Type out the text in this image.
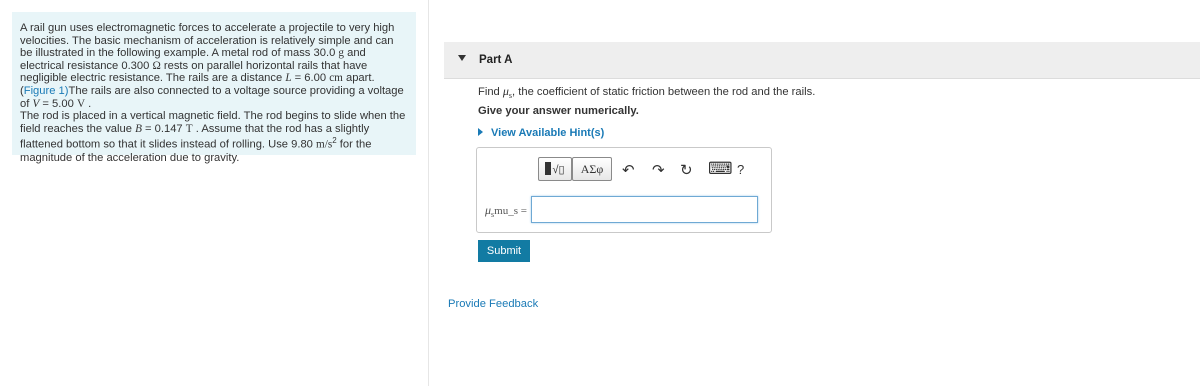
A rail gun uses electromagnetic forces to accelerate a projectile to very high velocities. The basic mechanism of acceleration is relatively simple and can be illustrated in the following example. A metal rod of mass 30.0 g and electrical resistance 0.300 Ω rests on parallel horizontal rails that have negligible electric resistance. The rails are a distance L = 6.00 cm apart. (Figure 1)The rails are also connected to a voltage source providing a voltage of V = 5.00 V .

The rod is placed in a vertical magnetic field. The rod begins to slide when the field reaches the value B = 0.147 T . Assume that the rod has a slightly flattened bottom so that it slides instead of rolling. Use 9.80 $m/s^2$ for the magnitude of the acceleration due to gravity.

Part A
Find $\mu_s$, the coefficient of static friction between the rod and the rails.
Give your answer numerically.
View Available Hint(s)
√▯	ΑΣφ	↶ ↷ ↻ ⌨ ?
$\mu_smu\_s$ =
Submit
Provide Feedback
